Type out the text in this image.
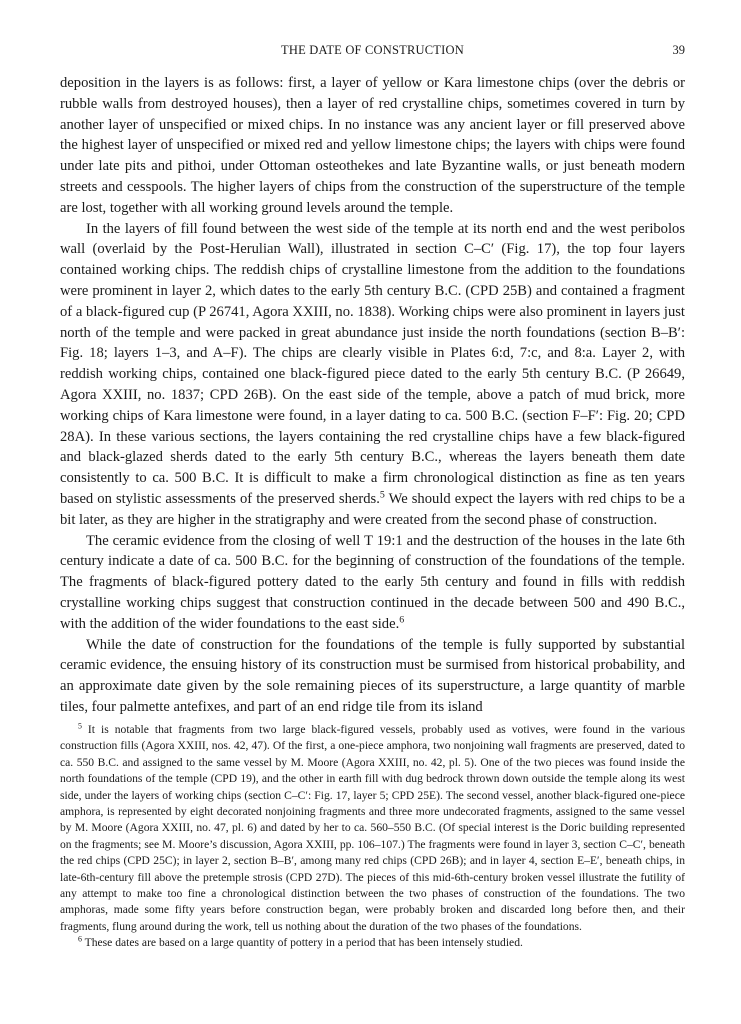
THE DATE OF CONSTRUCTION	39

deposition in the layers is as follows: first, a layer of yellow or Kara limestone chips (over the debris or rubble walls from destroyed houses), then a layer of red crystalline chips, sometimes covered in turn by another layer of unspecified or mixed chips. In no instance was any ancient layer or fill preserved above the highest layer of unspecified or mixed red and yellow limestone chips; the layers with chips were found under late pits and pithoi, under Ottoman osteothekes and late Byzantine walls, or just beneath modern streets and cesspools. The higher layers of chips from the construction of the superstructure of the temple are lost, together with all working ground levels around the temple.

In the layers of fill found between the west side of the temple at its north end and the west peribolos wall (overlaid by the Post-Herulian Wall), illustrated in section C–C′ (Fig. 17), the top four layers contained working chips. The reddish chips of crystalline limestone from the addition to the foundations were prominent in layer 2, which dates to the early 5th century B.C. (CPD 25B) and contained a fragment of a black-figured cup (P 26741, Agora XXIII, no. 1838). Working chips were also prominent in layers just north of the temple and were packed in great abundance just inside the north foundations (section B–B′: Fig. 18; layers 1–3, and A–F). The chips are clearly visible in Plates 6:d, 7:c, and 8:a. Layer 2, with reddish working chips, contained one black-figured piece dated to the early 5th century B.C. (P 26649, Agora XXIII, no. 1837; CPD 26B). On the east side of the temple, above a patch of mud brick, more working chips of Kara limestone were found, in a layer dating to ca. 500 B.C. (section F–F′: Fig. 20; CPD 28A). In these various sections, the layers containing the red crystalline chips have a few black-figured and black-glazed sherds dated to the early 5th century B.C., whereas the layers beneath them date consistently to ca. 500 B.C. It is difficult to make a firm chronological distinction as fine as ten years based on stylistic assessments of the preserved sherds.$^5$ We should expect the layers with red chips to be a bit later, as they are higher in the stratigraphy and were created from the second phase of construction.

The ceramic evidence from the closing of well T 19:1 and the destruction of the houses in the late 6th century indicate a date of ca. 500 B.C. for the beginning of construction of the foundations of the temple. The fragments of black-figured pottery dated to the early 5th century and found in fills with reddish crystalline working chips suggest that construction continued in the decade between 500 and 490 B.C., with the addition of the wider foundations to the east side.$^6$

While the date of construction for the foundations of the temple is fully supported by substantial ceramic evidence, the ensuing history of its construction must be surmised from historical probability, and an approximate date given by the sole remaining pieces of its superstructure, a large quantity of marble tiles, four palmette antefixes, and part of an end ridge tile from its island

$^5$ It is notable that fragments from two large black-figured vessels, probably used as votives, were found in the various construction fills (Agora XXIII, nos. 42, 47). Of the first, a one-piece amphora, two nonjoining wall fragments are preserved, dated to ca. 550 B.C. and assigned to the same vessel by M. Moore (Agora XXIII, no. 42, pl. 5). One of the two pieces was found inside the north foundations of the temple (CPD 19), and the other in earth fill with dug bedrock thrown down outside the temple along its west side, under the layers of working chips (section C–C′: Fig. 17, layer 5; CPD 25E). The second vessel, another black-figured one-piece amphora, is represented by eight decorated nonjoining fragments and three more undecorated fragments, assigned to the same vessel by M. Moore (Agora XXIII, no. 47, pl. 6) and dated by her to ca. 560–550 B.C. (Of special interest is the Doric building represented on the fragments; see M. Moore’s discussion, Agora XXIII, pp. 106–107.) The fragments were found in layer 3, section C–C′, beneath the red chips (CPD 25C); in layer 2, section B–B′, among many red chips (CPD 26B); and in layer 4, section E–E′, beneath chips, in late-6th-century fill above the pretemple strosis (CPD 27D). The pieces of this mid-6th-century broken vessel illustrate the futility of any attempt to make too fine a chronological distinction between the two phases of construction of the foundations. The two amphoras, made some fifty years before construction began, were probably broken and discarded long before then, and their fragments, flung around during the work, tell us nothing about the duration of the two phases of the foundations.

$^6$ These dates are based on a large quantity of pottery in a period that has been intensely studied.
